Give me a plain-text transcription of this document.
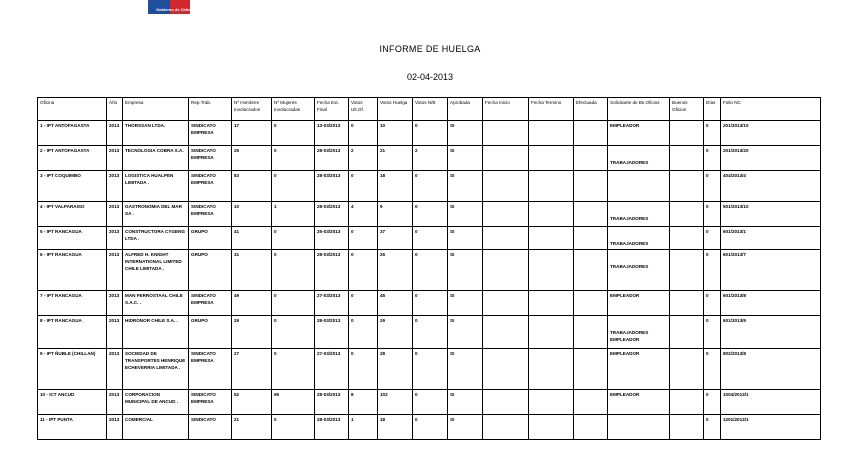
Gobierno de Chile
INFORME DE HUELGA
02-04-2013
Oficina	Año	Empresa	Rep.Trab.	Nº Hombres Involucrados	Nº Mujeres Involucradas	Fecha Ext. Final	Votos Ult.Of.	Votos Huelga	Votos N/B	Aprobada	Fecha Inicio	Fecha Termino	Efectuada	Solicitante de Bs.Oficios	Buenos Oficios	Días	Folio NC
1 - IPT ANTOFAGASTA	2013	THORSSAN LTDA.	SINDICATO EMPRESA	17	0	13-03/2013	0	10	0	SI				EMPLEADOR		0	201/2013/10
2 - IPT ANTOFAGASTA	2013	TECNOLOGIA COBRA S.A.	SINDICATO EMPRESA	25	0	28-03/2013	2	21	2	SI				TRABAJADORES		0	201/2013/20
3 - IPT COQUIMBO	2013	LOGISTICA HUALPEN LIMITADA .	SINDICATO EMPRESA	83	0	28-03/2013	0	18	0	SI						0	404/2013/4
4 - IPT VALPARAISO	2013	GASTRONOMIA DEL MAR SA .	SINDICATO EMPRESA	10	1	28-03/2013	4	9	0	SI				TRABAJADORES		0	501/2013/10
5 - IPT RANCAGUA	2013	CONSTRUCTORA CYGENG LTDA .	GRUPO	41	0	25-03/2013	0	37	0	SI				TRABAJADORES		0	601/2013/1
6 - IPT RANCAGUA	2013	ALFRED H. KNIGHT INTERNATIONAL LIMITED CHILE LIMITADA .	GRUPO	31	0	28-03/2013	0	25	0	SI				TRABAJADORES		0	601/2013/7
7 - IPT RANCAGUA	2013	MAN FERROSTAAL CHILE S.A.C. .	SINDICATO EMPRESA	49	0	27-03/2013	0	45	0	SI				EMPLEADOR		0	601/2013/8
8 - IPT RANCAGUA	2013	HIDRONOR CHILE S.A. .	GRUPO	29	0	28-03/2013	0	29	0	SI				TRABAJADORES EMPLEADOR		0	601/2013/9
9 - IPT ÑUBLE (CHILLAN)	2013	SOCIEDAD DE TRANSPORTES HENRIQUE ECHEVERRIA LIMITADA .	SINDICATO EMPRESA	27	0	27-03/2013	0	28	0	SI				EMPLEADOR		0	802/2013/8
10 - ICT ANCUD	2013	CORPORACION MUNICIPAL DE ANCUD .	SINDICATO EMPRESA	52	95	28-03/2013	8	102	0	SI				EMPLEADOR		0	1004/2013/1
11 - IPT PUNTA	2013	COMERCIAL	SINDICATO	21	0	28-03/2013	1	18	0	SI						0	1201/2013/1
